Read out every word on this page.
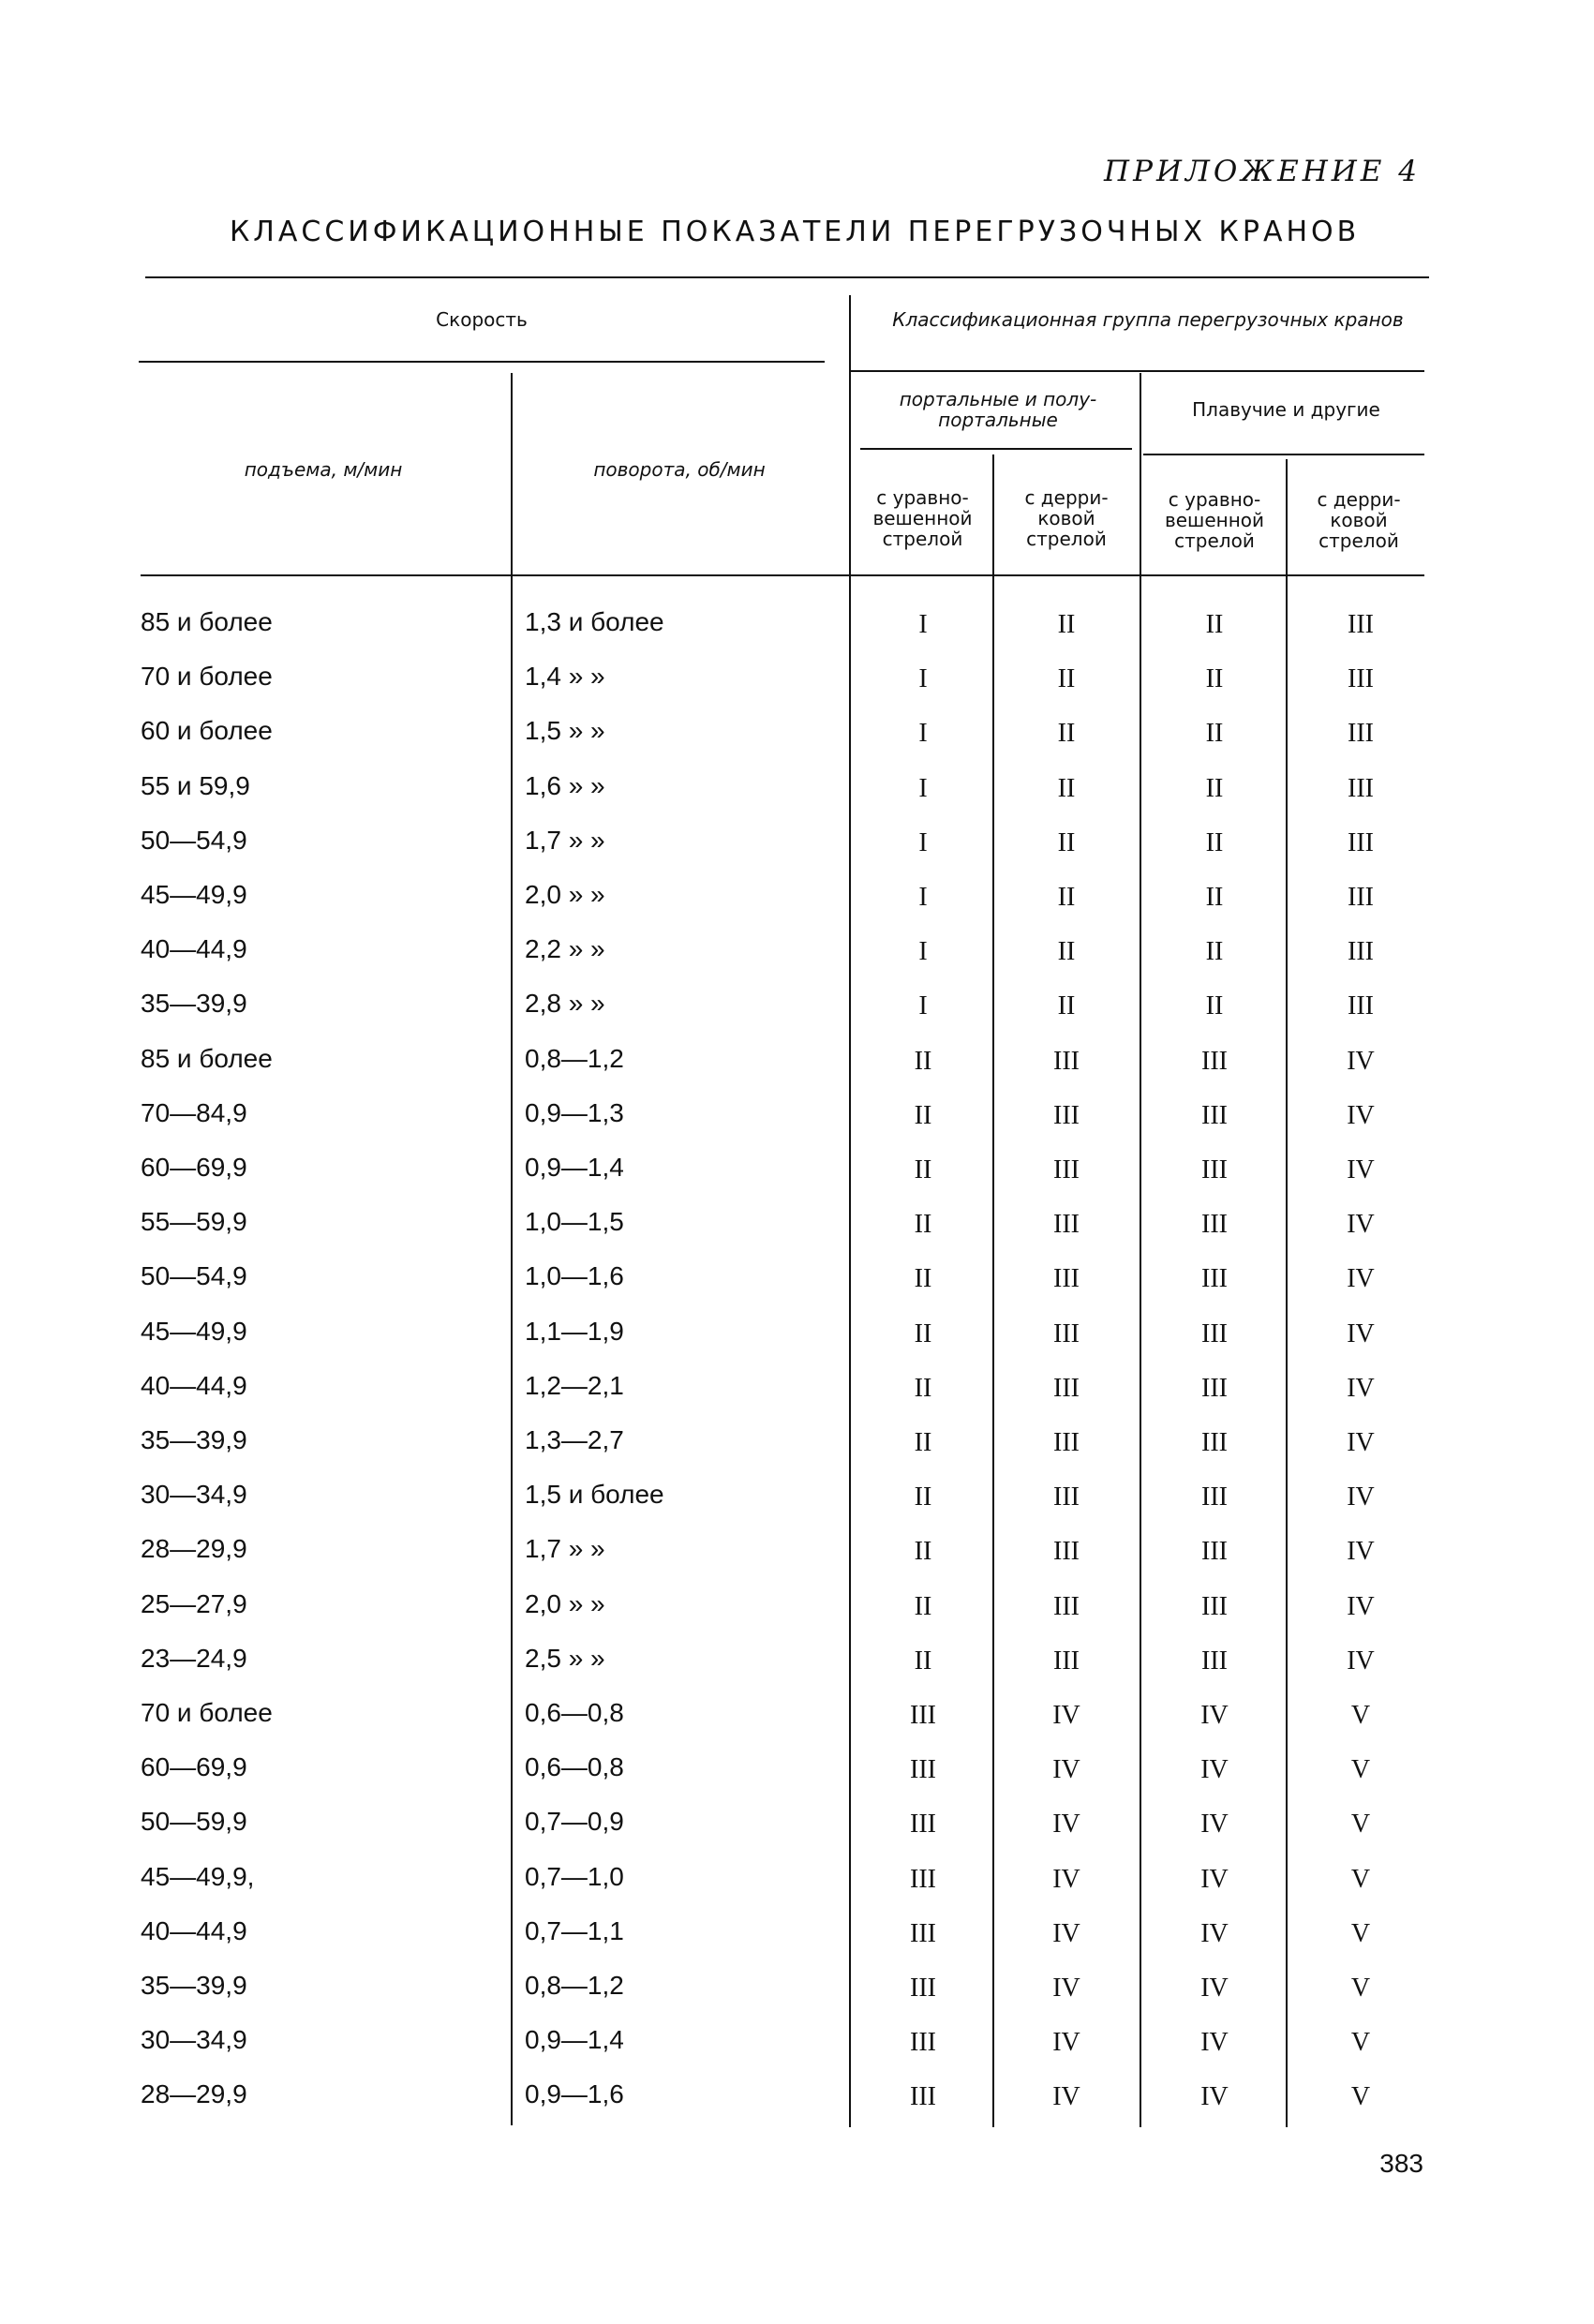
ПРИЛОЖЕНИЕ 4
КЛАССИФИКАЦИОННЫЕ ПОКАЗАТЕЛИ ПЕРЕГРУЗОЧНЫХ КРАНОВ
Скорость
подъема, м/мин	поворота, об/мин
Классификационная группа перегрузочных кранов
портальные и полу-портальные	Плавучие и другие
с уравно-вешенной стрелой
с дерри-ковой стрелой
с уравно-вешенной стрелой
с дерри-ковой стрелой
85 и более	1,3 и более	I	II	II	III
70 и более	1,4 » »	I	II	II	III
60 и более	1,5 » »	I	II	II	III
55 и 59,9	1,6 » »	I	II	II	III
50—54,9	1,7 » »	I	II	II	III
45—49,9	2,0 » »	I	II	II	III
40—44,9	2,2 » »	I	II	II	III
35—39,9	2,8 » »	I	II	II	III
85 и более	0,8—1,2	II	III	III	IV
70—84,9	0,9—1,3	II	III	III	IV
60—69,9	0,9—1,4	II	III	III	IV
55—59,9	1,0—1,5	II	III	III	IV
50—54,9	1,0—1,6	II	III	III	IV
45—49,9	1,1—1,9	II	III	III	IV
40—44,9	1,2—2,1	II	III	III	IV
35—39,9	1,3—2,7	II	III	III	IV
30—34,9	1,5 и более	II	III	III	IV
28—29,9	1,7 » »	II	III	III	IV
25—27,9	2,0 » »	II	III	III	IV
23—24,9	2,5 » »	II	III	III	IV
70 и более	0,6—0,8	III	IV	IV	V
60—69,9	0,6—0,8	III	IV	IV	V
50—59,9	0,7—0,9	III	IV	IV	V
45—49,9,	0,7—1,0	III	IV	IV	V
40—44,9	0,7—1,1	III	IV	IV	V
35—39,9	0,8—1,2	III	IV	IV	V
30—34,9	0,9—1,4	III	IV	IV	V
28—29,9	0,9—1,6	III	IV	IV	V
383
